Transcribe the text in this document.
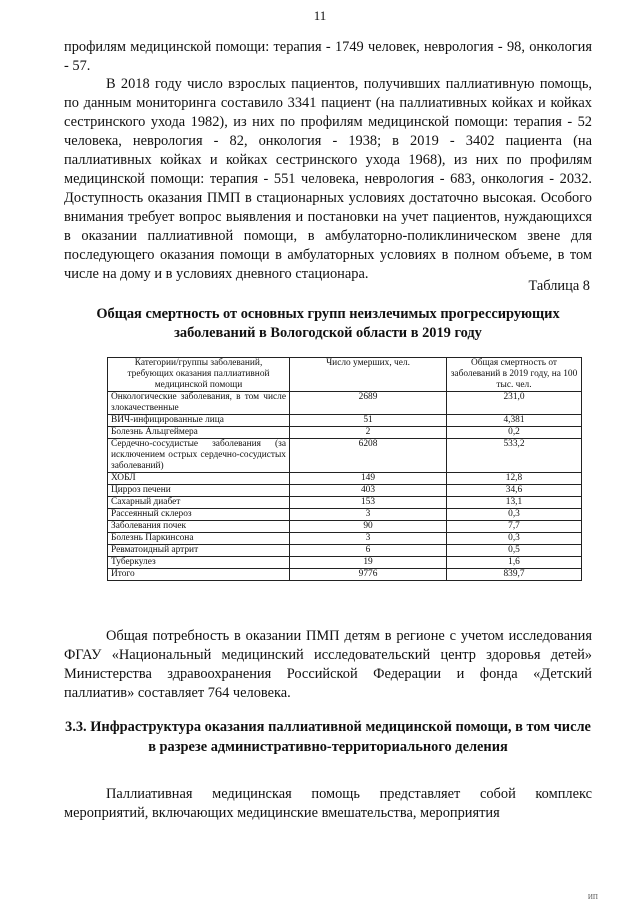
11

профилям медицинской помощи: терапия - 1749 человек, неврология - 98, онкология - 57.

В 2018 году число взрослых пациентов, получивших паллиативную помощь, по данным мониторинга составило 3341 пациент (на паллиативных койках и койках сестринского ухода 1982), из них по профилям медицинской помощи: терапия - 52 человека, неврология - 82, онкология - 1938; в 2019 - 3402 пациента (на паллиативных койках и койках сестринского ухода 1968), из них по профилям медицинской помощи: терапия - 551 человека, неврология - 683, онкология - 2032. Доступность оказания ПМП в стационарных условиях достаточно высокая. Особого внимания требует вопрос выявления и постановки на учет пациентов, нуждающихся в оказании паллиативной помощи, в амбулаторно-поликлиническом звене для последующего оказания помощи в амбулаторных условиях в полном объеме, в том числе на дому и в условиях дневного стационара.

Таблица 8
Общая смертность от основных групп неизлечимых прогрессирующих заболеваний в Вологодской области в 2019 году
Категории/группы заболеваний, требующих оказания паллиативной медицинской помощи	Число умерших, чел.	Общая смертность от заболеваний в 2019 году, на 100 тыс. чел.
Онкологические заболевания, в том числе злокачественные	2689	231,0
ВИЧ-инфицированные лица	51	4,381
Болезнь Альцгеймера	2	0,2
Сердечно-сосудистые заболевания (за исключением острых сердечно-сосудистых заболеваний)	6208	533,2
ХОБЛ	149	12,8
Цирроз печени	403	34,6
Сахарный диабет	153	13,1
Рассеянный склероз	3	0,3
Заболевания почек	90	7,7
Болезнь Паркинсона	3	0,3
Ревматоидный артрит	6	0,5
Туберкулез	19	1,6
Итого	9776	839,7

Общая потребность в оказании ПМП детям в регионе с учетом исследования ФГАУ «Национальный медицинский исследовательский центр здоровья детей» Министерства здравоохранения Российской Федерации и фонда «Детский паллиатив» составляет 764 человека.

3.3. Инфраструктура оказания паллиативной медицинской помощи, в том числе в разрезе административно-территориального деления

Паллиативная медицинская помощь представляет собой комплекс мероприятий, включающих медицинские вмешательства, мероприятия

ИП
